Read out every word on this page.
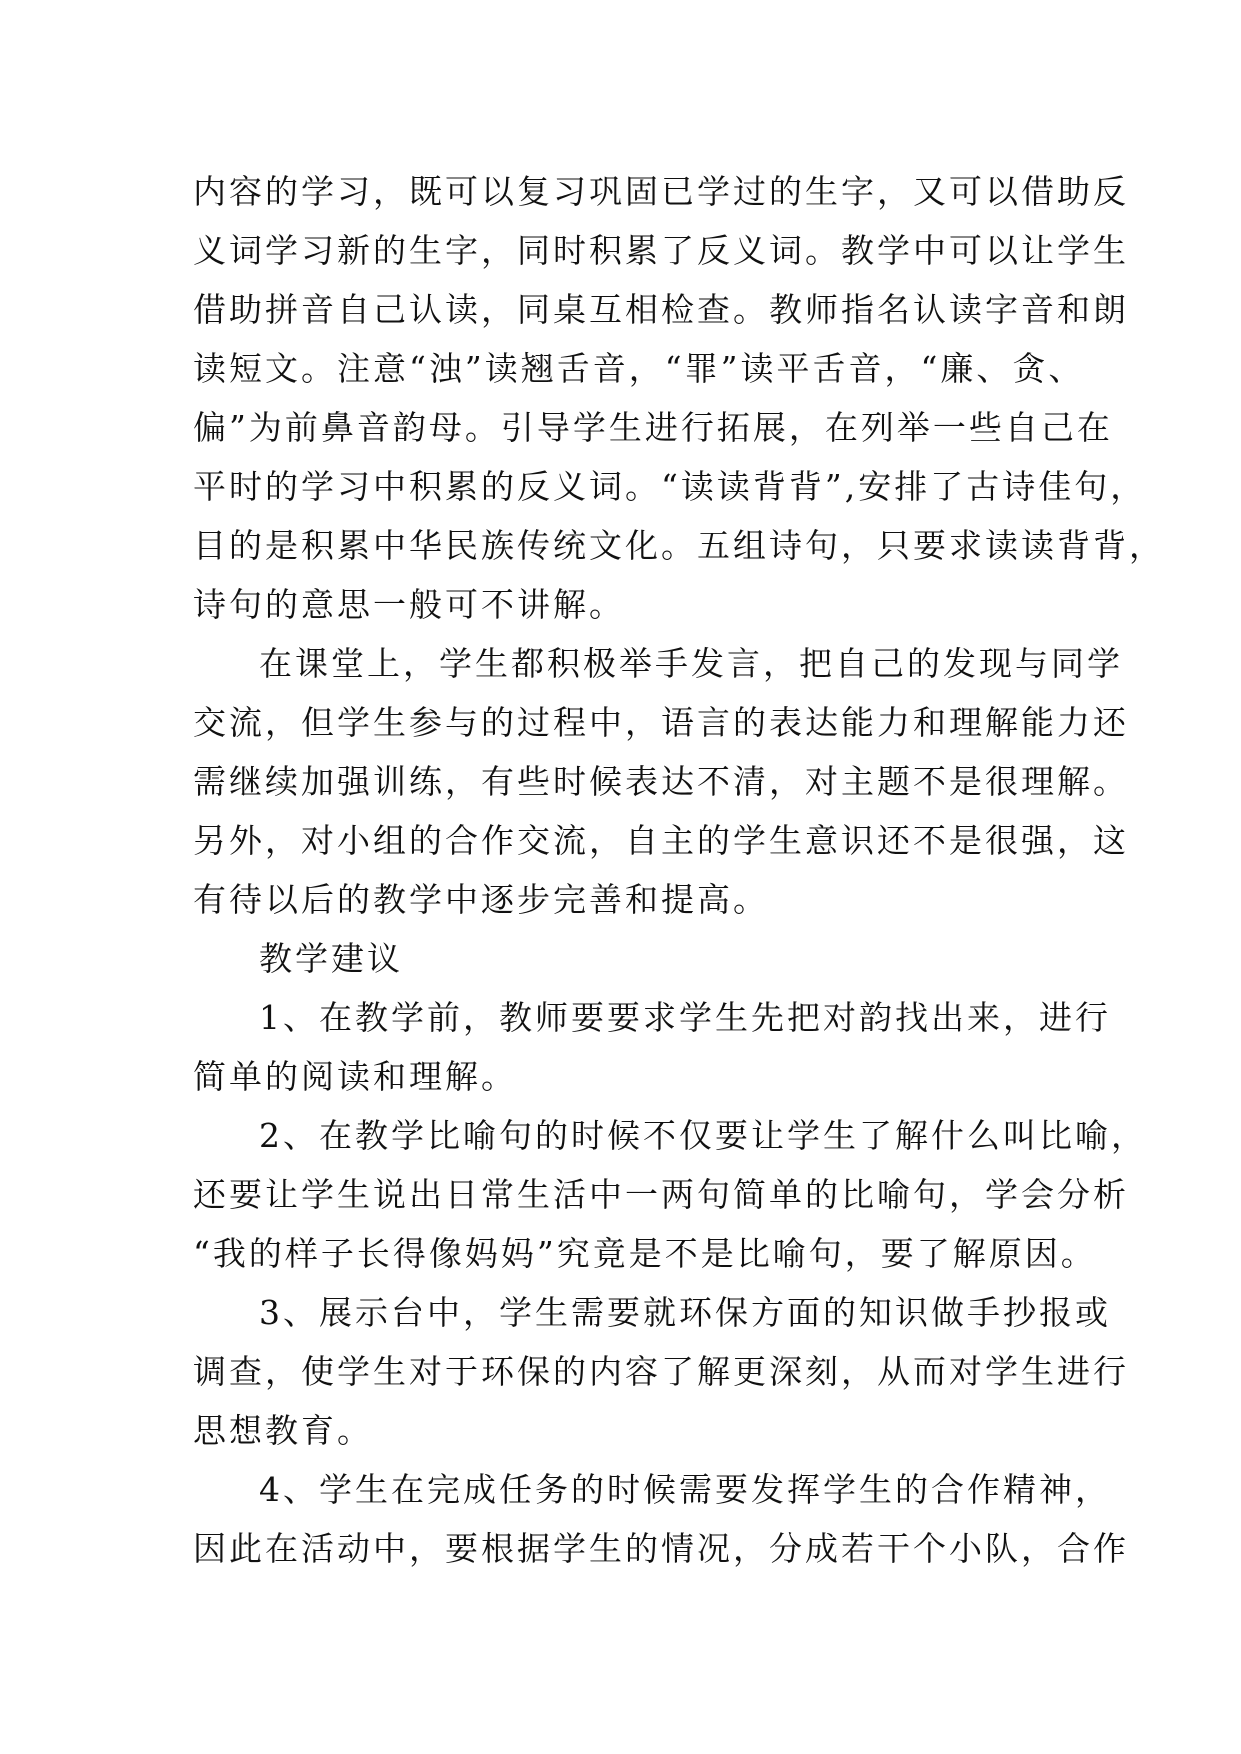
内容的学习，既可以复习巩固已学过的生字，又可以借助反
义词学习新的生字，同时积累了反义词。教学中可以让学生
借助拼音自己认读，同桌互相检查。教师指名认读字音和朗
读短文。注意“浊”读翘舌音，“罪”读平舌音，“廉、贪、
偏”为前鼻音韵母。引导学生进行拓展，在列举一些自己在
平时的学习中积累的反义词。“读读背背”,安排了古诗佳句，
目的是积累中华民族传统文化。五组诗句，只要求读读背背，
诗句的意思一般可不讲解。
在课堂上，学生都积极举手发言，把自己的发现与同学
交流，但学生参与的过程中，语言的表达能力和理解能力还
需继续加强训练，有些时候表达不清，对主题不是很理解。
另外，对小组的合作交流，自主的学生意识还不是很强，这
有待以后的教学中逐步完善和提高。
教学建议
1、在教学前，教师要要求学生先把对韵找出来，进行
简单的阅读和理解。
2、在教学比喻句的时候不仅要让学生了解什么叫比喻，
还要让学生说出日常生活中一两句简单的比喻句，学会分析
“我的样子长得像妈妈”究竟是不是比喻句，要了解原因。
3、展示台中，学生需要就环保方面的知识做手抄报或
调查，使学生对于环保的内容了解更深刻，从而对学生进行
思想教育。
4、学生在完成任务的时候需要发挥学生的合作精神，
因此在活动中，要根据学生的情况，分成若干个小队，合作
